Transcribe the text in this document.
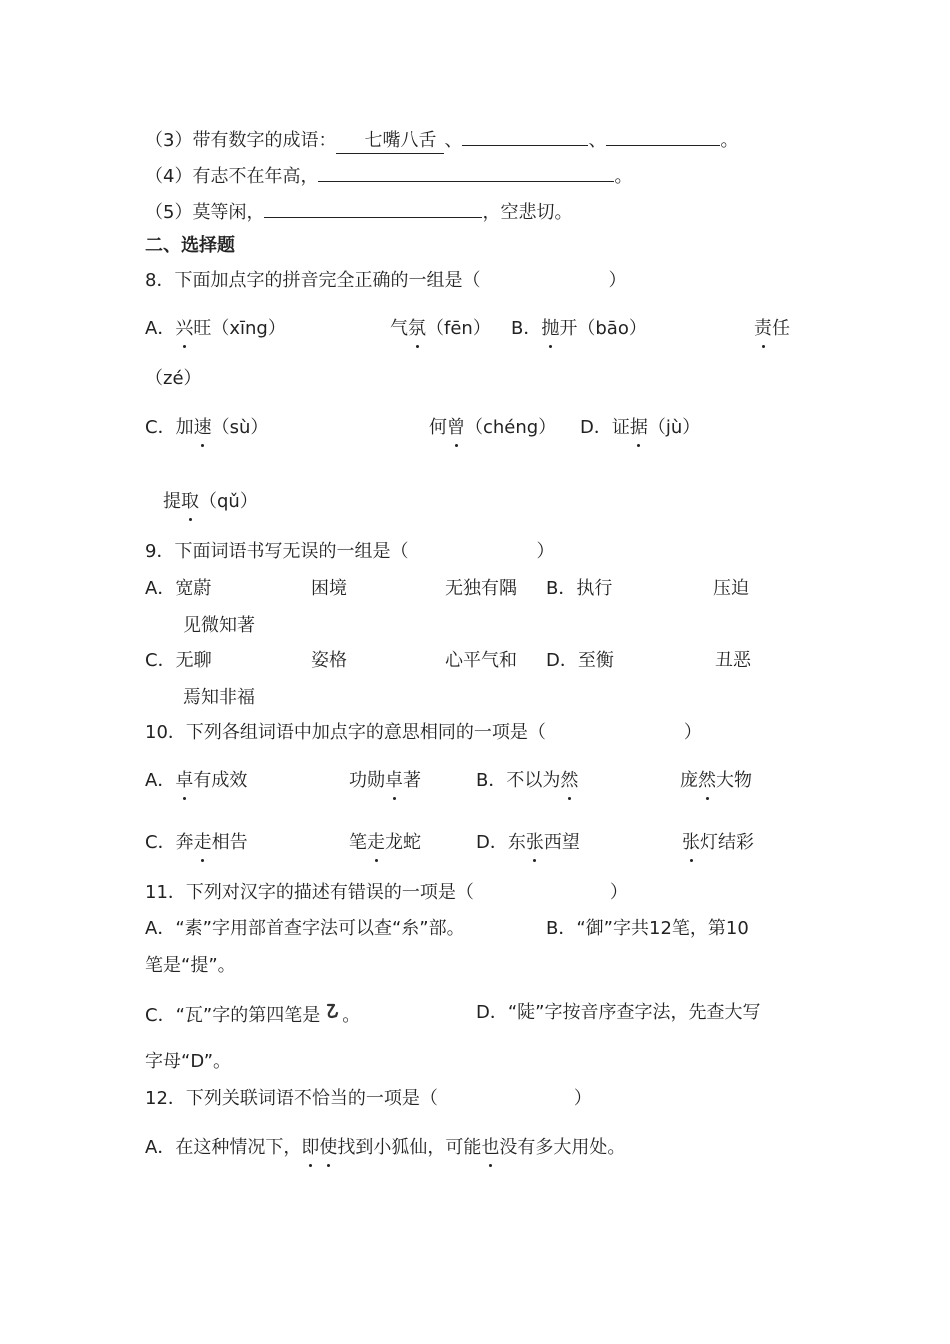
（3）带有数字的成语： 七嘴八舌 、	、	。
（4）有志不在年高，	。
（5）莫等闲，	，空悲切。
二、选择题
8．下面加点字的拼音完全正确的一组是（	）
A．兴旺（xīng）	气氛（fēn） B．抛开（bāo）	责任
（zé）
C．加速（sù）	何曾（chéng） D．证据（jù）
提取（qǔ）
9．下面词语书写无误的一组是（	）
A．宽蔚	困境	无独有隅 B．执行	压迫
见微知著
C．无聊	姿格	心平气和 D．至衡	丑恶
焉知非福
10．下列各组词语中加点字的意思相同的一项是（	）
A．卓有成效	功勋卓著	B．不以为然	庞然大物
C．奔走相告	笔走龙蛇	D．东张西望	张灯结彩
11．下列对汉字的描述有错误的一项是（	）
A．“素”字用部首查字法可以查“糸”部。	B．“御”字共12笔，第10
笔是“提”。
C．“瓦”字的第四笔是 。	D．“陡”字按音序查字法，先查大写
字母“D”。
12．下列关联词语不恰当的一项是（	）
A．在这种情况下，即使找到小狐仙，可能也没有多大用处。
